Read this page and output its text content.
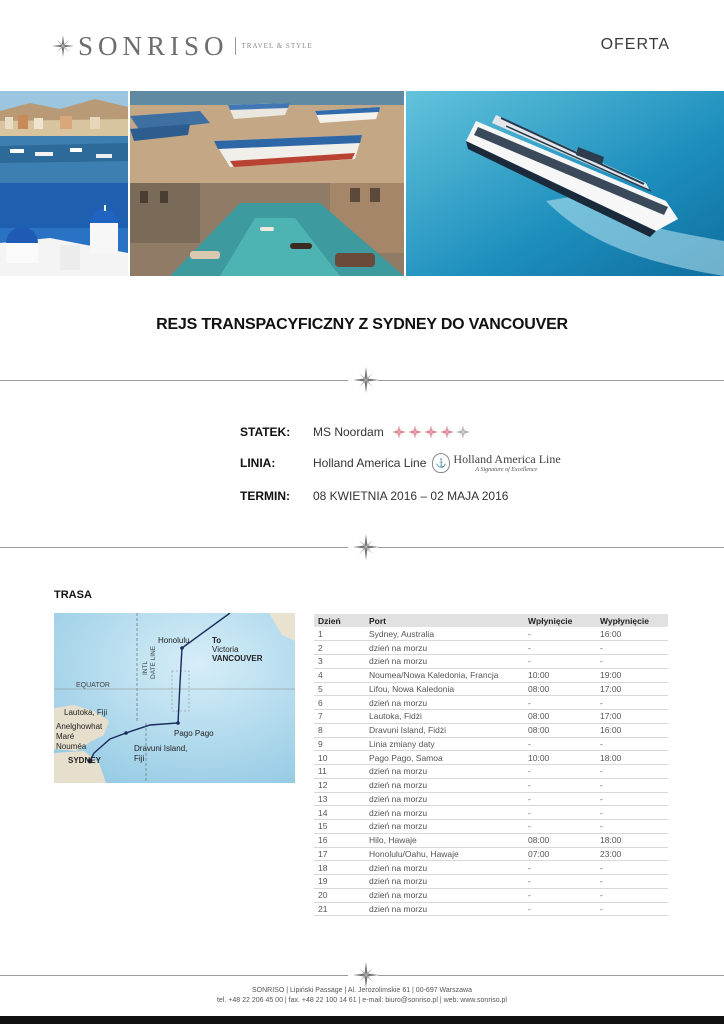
SONRISO TRAVEL & STYLE	OFERTA
REJS TRANSPACYFICZNY Z SYDNEY DO VANCOUVER
STATEK:	MS Noordam
LINIA:	Holland America Line	⚓ Holland America Line
A Signature of Excellence
TERMIN:	08 KWIETNIA 2016 – 02 MAJA 2016
TRASA
Honolulu	To
Victoria
VANCOUVER
INTL DATE LINE
EQUATOR
Lautoka, Fiji
Anelghowhat
Maré
Nouméa
SYDNEY
Pago Pago
Dravuni Island,
Fiji
Dzień	Port	Wpłynięcie	Wypłynięcie
1	Sydney, Australia	-	16:00
2	dzień na morzu	-	-
3	dzień na morzu	-	-
4	Noumea/Nowa Kaledonia, Francja	10:00	19:00
5	Lifou, Nowa Kaledonia	08:00	17:00
6	dzień na morzu	-	-
7	Lautoka, Fidżi	08:00	17:00
8	Dravuni Island, Fidżi	08:00	16:00
9	Linia zmiany daty	-	-
10	Pago Pago, Samoa	10:00	18:00
11	dzień na morzu	-	-
12	dzień na morzu	-	-
13	dzień na morzu	-	-
14	dzień na morzu	-	-
15	dzień na morzu	-	-
16	Hilo, Hawaje	08:00	18:00
17	Honolulu/Oahu, Hawaje	07:00	23:00
18	dzień na morzu	-	-
19	dzień na morzu	-	-
20	dzień na morzu	-	-
21	dzień na morzu	-	-
SONRISO | Lipiński Passage | Al. Jerozolimskie 61 | 00-697 Warszawa
tel. +48 22 206 45 00 | fax. +48 22 100 14 61 | e-mail: biuro@sonriso.pl | web: www.sonriso.pl
